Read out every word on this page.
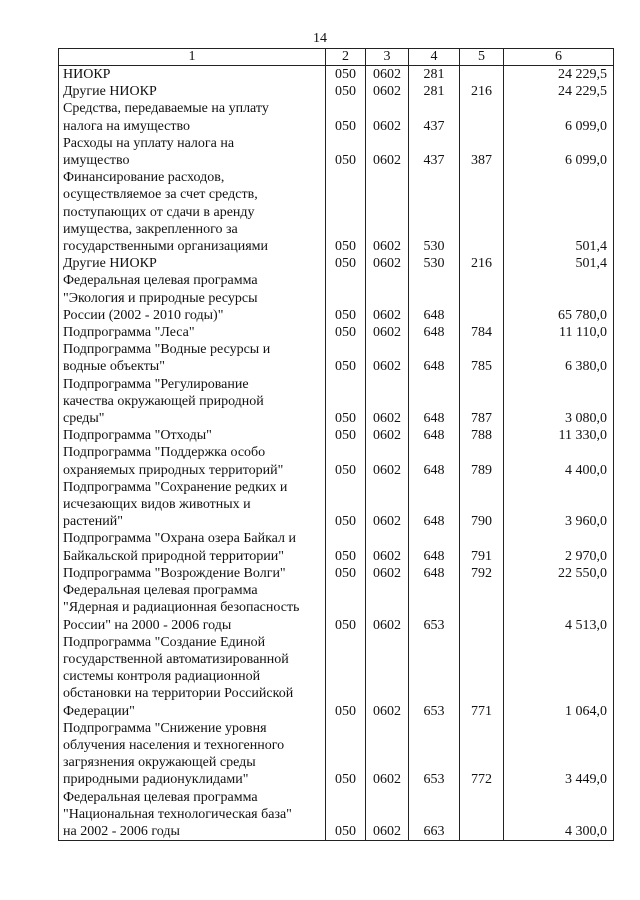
14
1	2	3	4	5	6

НИОКР	050	0602	281		24 229,5

Другие НИОКР	050	0602	281	216	24 229,5

Средства, передаваемые на уплату
налога на имущество	050	0602	437		6 099,0

Расходы на уплату налога на
имущество	050	0602	437	387	6 099,0

Финансирование расходов,
осуществляемое за счет средств,
поступающих от сдачи в аренду
имущества, закрепленного за
государственными организациями	050	0602	530		501,4

Другие НИОКР	050	0602	530	216	501,4

Федеральная целевая программа
"Экология и природные ресурсы
России (2002 - 2010 годы)"	050	0602	648		65 780,0

Подпрограмма "Леса"	050	0602	648	784	11 110,0

Подпрограмма "Водные ресурсы и
водные объекты"	050	0602	648	785	6 380,0

Подпрограмма "Регулирование
качества окружающей природной
среды"	050	0602	648	787	3 080,0

Подпрограмма "Отходы"	050	0602	648	788	11 330,0

Подпрограмма "Поддержка особо
охраняемых природных территорий"	050	0602	648	789	4 400,0

Подпрограмма "Сохранение редких и
исчезающих видов животных и
растений"	050	0602	648	790	3 960,0

Подпрограмма "Охрана озера Байкал и
Байкальской природной территории"	050	0602	648	791	2 970,0

Подпрограмма "Возрождение Волги"	050	0602	648	792	22 550,0

Федеральная целевая программа
"Ядерная и радиационная безопасность
России" на 2000 - 2006 годы	050	0602	653		4 513,0

Подпрограмма "Создание Единой
государственной автоматизированной
системы контроля радиационной
обстановки на территории Российской
Федерации"	050	0602	653	771	1 064,0

Подпрограмма "Снижение уровня
облучения населения и техногенного
загрязнения окружающей среды
природными радионуклидами"	050	0602	653	772	3 449,0

Федеральная целевая программа
"Национальная технологическая база"
на 2002 - 2006 годы	050	0602	663		4 300,0
